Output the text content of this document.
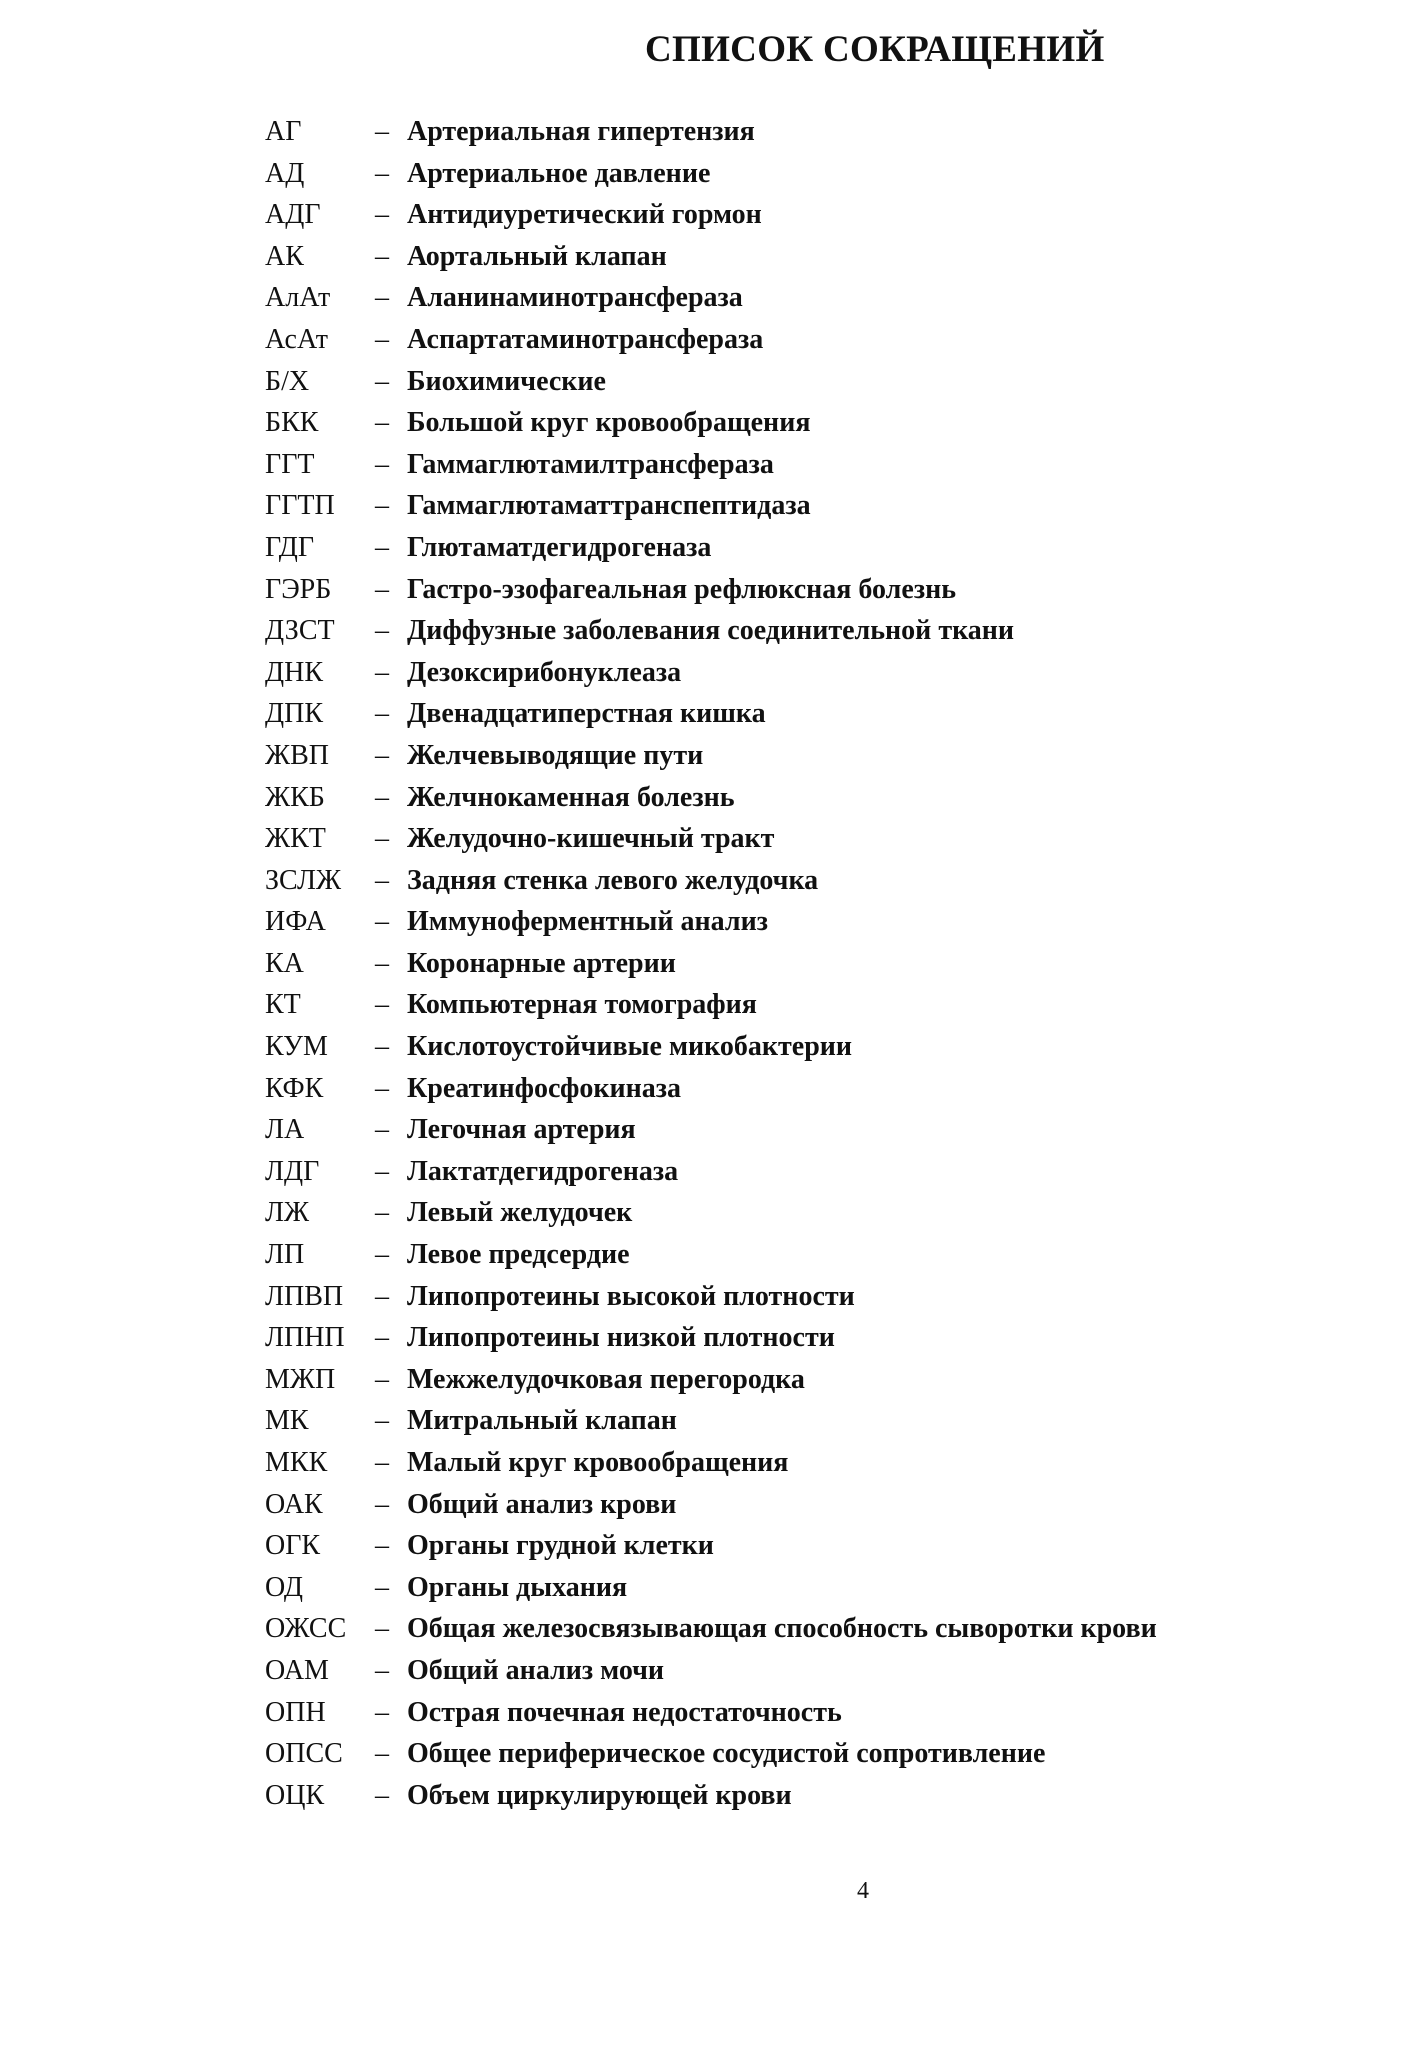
СПИСОК СОКРАЩЕНИЙ
АГ	– Артериальная гипертензия
АД	– Артериальное давление
АДГ	– Антидиуретический гормон
АК	– Аортальный клапан
АлАт	– Аланинаминотрансфераза
АсАт	– Аспартатаминотрансфераза
Б/Х	– Биохимические
БКК	– Большой круг кровообращения
ГГТ	– Гаммаглютамилтрансфераза
ГГТП	– Гаммаглютаматтранспептидаза
ГДГ	– Глютаматдегидрогеназа
ГЭРБ	– Гастро-эзофагеальная рефлюксная болезнь
ДЗСТ	– Диффузные заболевания соединительной ткани
ДНК	– Дезоксирибонуклеаза
ДПК	– Двенадцатиперстная кишка
ЖВП	– Желчевыводящие пути
ЖКБ	– Желчнокаменная болезнь
ЖКТ	– Желудочно-кишечный тракт
ЗСЛЖ	– Задняя стенка левого желудочка
ИФА	– Иммуноферментный анализ
КА	– Коронарные артерии
КТ	– Компьютерная томография
КУМ	– Кислотоустойчивые микобактерии
КФК	– Креатинфосфокиназа
ЛА	– Легочная артерия
ЛДГ	– Лактатдегидрогеназа
ЛЖ	– Левый желудочек
ЛП	– Левое предсердие
ЛПВП	– Липопротеины высокой плотности
ЛПНП	– Липопротеины низкой плотности
МЖП	– Межжелудочковая перегородка
МК	– Митральный клапан
МКК	– Малый круг кровообращения
ОАК	– Общий анализ крови
ОГК	– Органы грудной клетки
ОД	– Органы дыхания
ОЖСС	– Общая железосвязывающая способность сыворотки крови
ОАМ	– Общий анализ мочи
ОПН	– Острая почечная недостаточность
ОПСС	– Общее периферическое сосудистой сопротивление
ОЦК	– Объем циркулирующей крови
4
